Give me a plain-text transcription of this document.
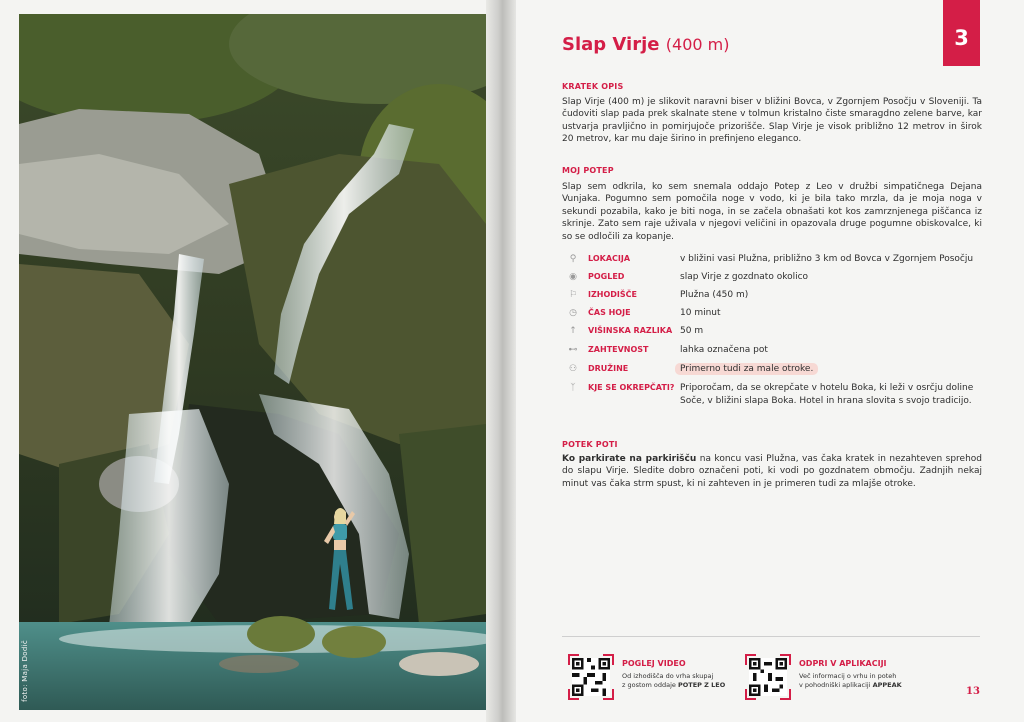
foto: Maja Dodič
3
Slap Virje (400 m)
KRATEK OPIS
Slap Virje (400 m) je slikovit naravni biser v bližini Bovca, v Zgornjem Posočju v Sloveniji. Ta čudoviti slap pada prek skalnate stene v tolmun kristalno čiste smaragdno zelene barve, kar ustvarja pravljično in pomirjujoče prizorišče. Slap Virje je visok približno 12 metrov in širok 20 metrov, kar mu daje širino in prefinjeno eleganco.
MOJ POTEP
Slap sem odkrila, ko sem snemala oddajo Potep z Leo v družbi simpatičnega Dejana Vunjaka. Pogumno sem pomočila noge v vodo, ki je bila tako mrzla, da je moja noga v sekundi pozabila, kako je biti noga, in se začela obnašati kot kos zamrznjenega piščanca iz skrinje. Zato sem raje uživala v njegovi veličini in opazovala druge pogumne obiskovalce, ki so se odločili za kopanje.
⚲	LOKACIJA	v bližini vasi Plužna, približno 3 km od Bovca v Zgornjem Posočju
◉	POGLED	slap Virje z gozdnato okolico
⚐	IZHODIŠČE	Plužna (450 m)
◷	ČAS HOJE	10 minut
↑	VIŠINSKA RAZLIKA 50 m
⊷	ZAHTEVNOST	lahka označena pot
⚇	DRUŽINE	Primerno tudi za male otroke.
ᛉ	KJE SE OKREPČATI? Priporočam, da se okrepčate v hotelu Boka, ki leži v osrčju doline Soče, v bližini slapa Boka. Hotel in hrana slovita s svojo tradicijo.
POTEK POTI
Ko parkirate na parkirišču na koncu vasi Plužna, vas čaka kratek in nezahteven sprehod do slapu Virje. Sledite dobro označeni poti, ki vodi po gozdnatem območju. Zadnjih nekaj minut vas čaka strm spust, ki ni zahteven in je primeren tudi za mlajše otroke.
POGLEJ VIDEO
Od izhodišča do vrha skupaj
z gostom oddaje POTEP Z LEO
ODPRI V APLIKACIJI
Več informacij o vrhu in poteh
v pohodniški aplikaciji APPEAK
13
